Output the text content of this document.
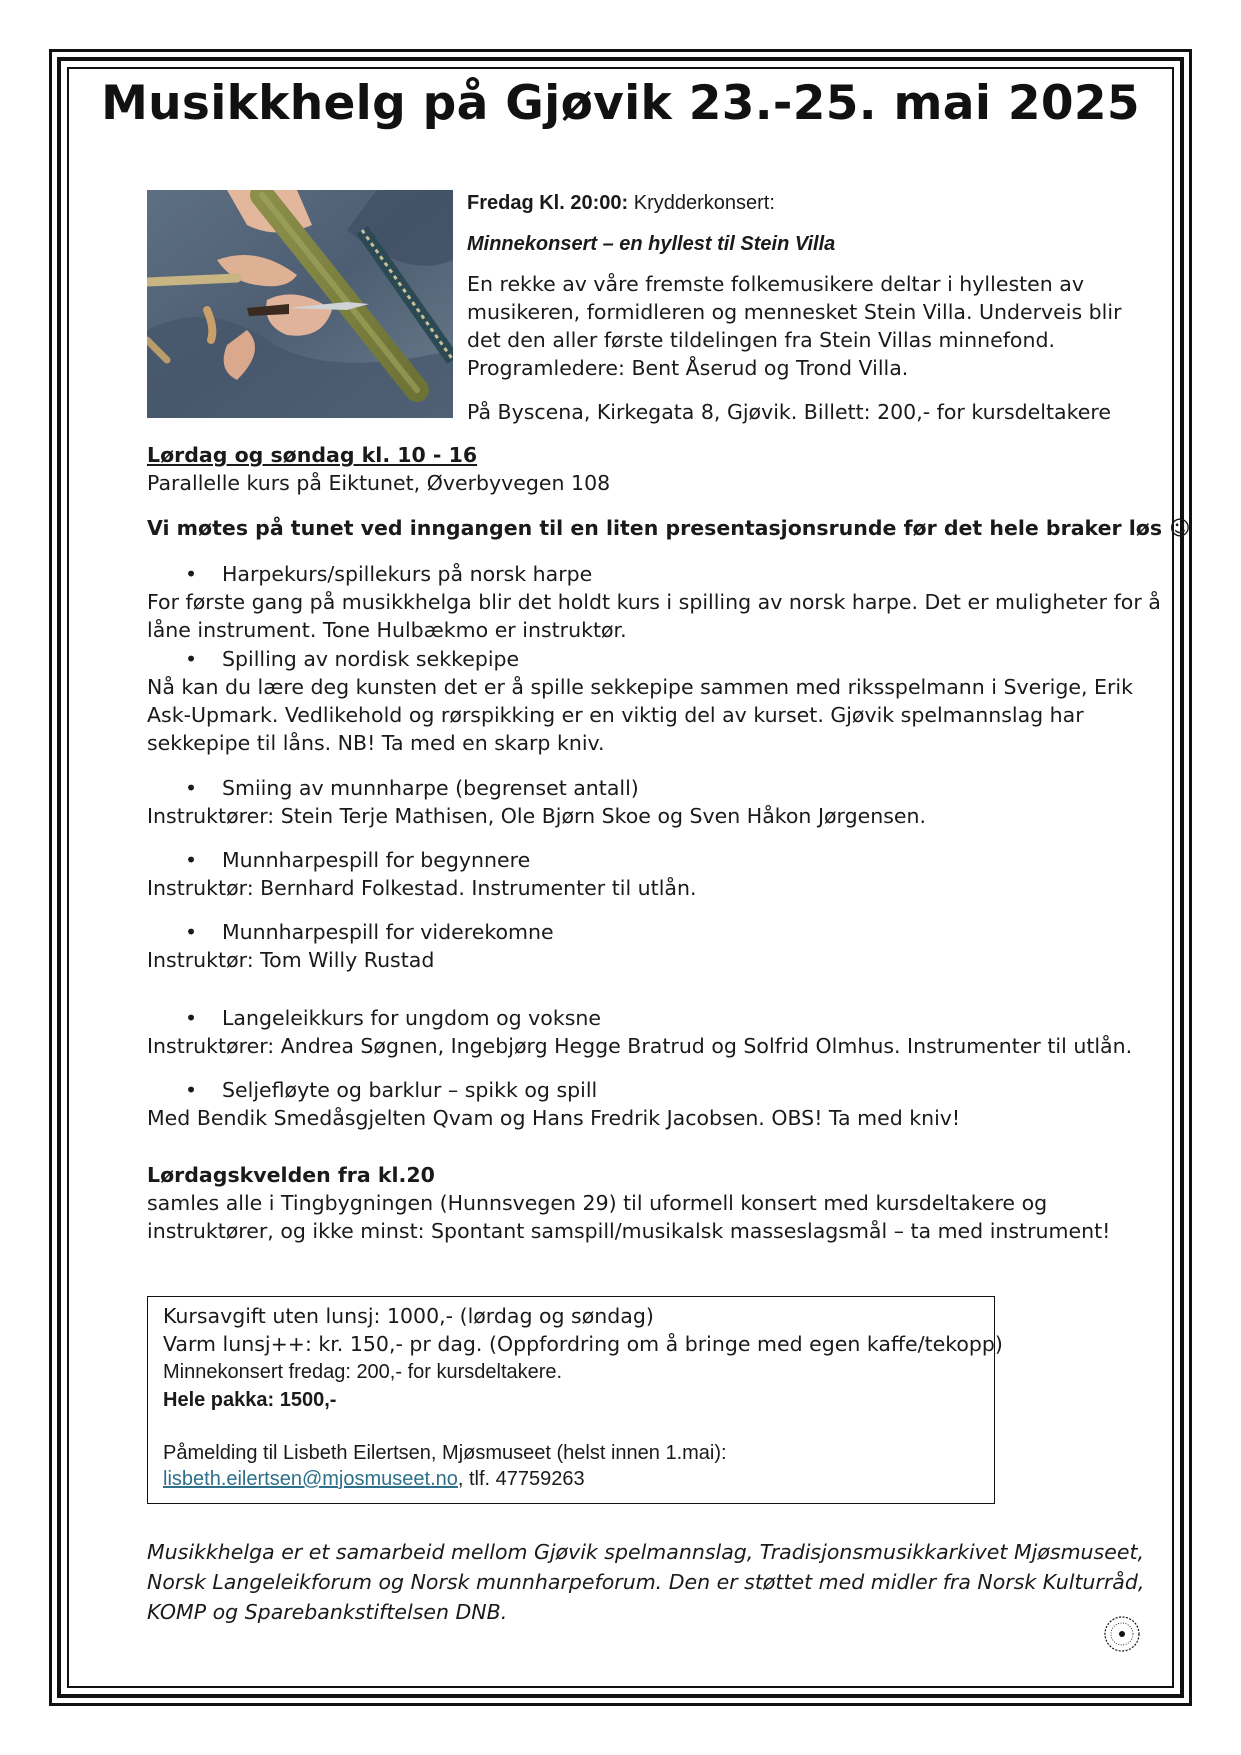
Musikkhelg på Gjøvik 23.-25. mai 2025

Fredag Kl. 20:00: Krydderkonsert:

Minnekonsert – en hyllest til Stein Villa

En rekke av våre fremste folkemusikere deltar i hyllesten av
musikeren, formidleren og mennesket Stein Villa. Underveis blir
det den aller første tildelingen fra Stein Villas minnefond.
Programledere: Bent Åserud og Trond Villa.

På Byscena, Kirkegata 8, Gjøvik. Billett: 200,- for kursdeltakere

Lørdag og søndag kl. 10 - 16

Parallelle kurs på Eiktunet, Øverbyvegen 108

Vi møtes på tunet ved inngangen til en liten presentasjonsrunde før det hele braker løs 😉

• Harpekurs/spillekurs på norsk harpe

For første gang på musikkhelga blir det holdt kurs i spilling av norsk harpe. Det er muligheter for å
låne instrument. Tone Hulbækmo er instruktør.

• Spilling av nordisk sekkepipe

Nå kan du lære deg kunsten det er å spille sekkepipe sammen med riksspelmann i Sverige, Erik
Ask-Upmark. Vedlikehold og rørspikking er en viktig del av kurset. Gjøvik spelmannslag har
sekkepipe til låns. NB! Ta med en skarp kniv.

• Smiing av munnharpe (begrenset antall)

Instruktører: Stein Terje Mathisen, Ole Bjørn Skoe og Sven Håkon Jørgensen.

• Munnharpespill for begynnere

Instruktør: Bernhard Folkestad. Instrumenter til utlån.

• Munnharpespill for viderekomne

Instruktør: Tom Willy Rustad

• Langeleikkurs for ungdom og voksne

Instruktører: Andrea Søgnen, Ingebjørg Hegge Bratrud og Solfrid Olmhus. Instrumenter til utlån.

• Seljefløyte og barklur – spikk og spill

Med Bendik Smedåsgjelten Qvam og Hans Fredrik Jacobsen. OBS! Ta med kniv!

Lørdagskvelden fra kl.20

samles alle i Tingbygningen (Hunnsvegen 29) til uformell konsert med kursdeltakere og
instruktører, og ikke minst: Spontant samspill/musikalsk masseslagsmål – ta med instrument!

Kursavgift uten lunsj: 1000,- (lørdag og søndag)

Varm lunsj++: kr. 150,- pr dag. (Oppfordring om å bringe med egen kaffe/tekopp)

Minnekonsert fredag: 200,- for kursdeltakere.

Hele pakka: 1500,-

Påmelding til Lisbeth Eilertsen, Mjøsmuseet (helst innen 1.mai):

lisbeth.eilertsen@mjosmuseet.no, tlf. 47759263

Musikkhelga er et samarbeid mellom Gjøvik spelmannslag, Tradisjonsmusikkarkivet Mjøsmuseet,
Norsk Langeleikforum og Norsk munnharpeforum. Den er støttet med midler fra Norsk Kulturråd,
KOMP og Sparebankstiftelsen DNB.
